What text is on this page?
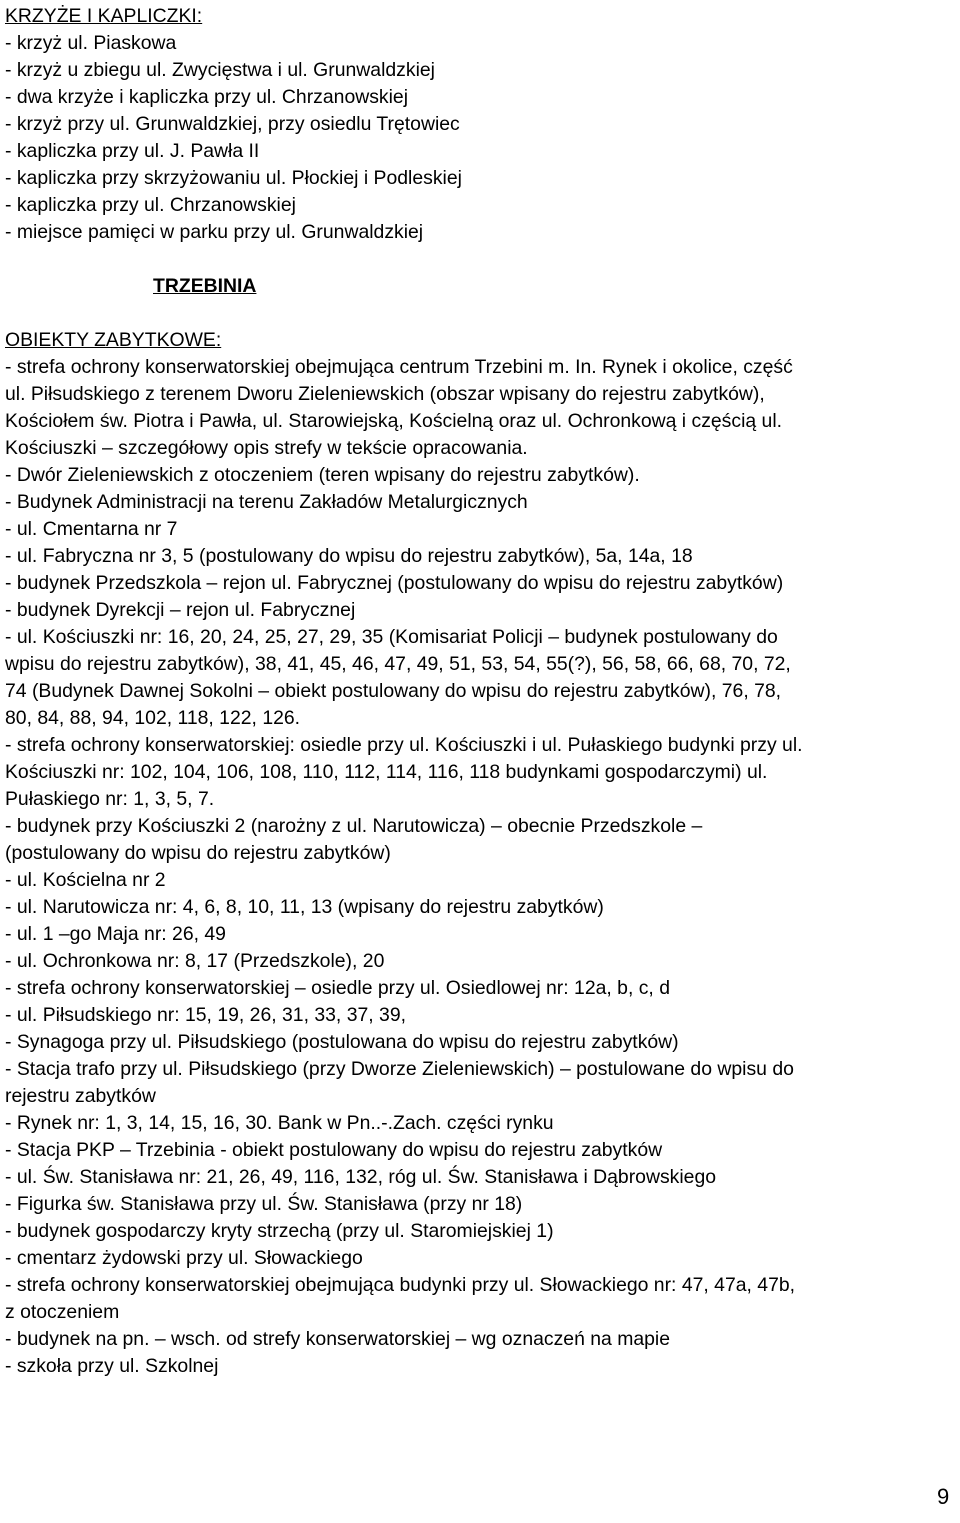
KRZYŻE I KAPLICZKI:
- krzyż ul. Piaskowa
- krzyż u zbiegu ul. Zwycięstwa i ul. Grunwaldzkiej
- dwa krzyże i kapliczka przy ul. Chrzanowskiej
- krzyż przy ul. Grunwaldzkiej, przy osiedlu Trętowiec
- kapliczka przy ul. J. Pawła II
- kapliczka przy skrzyżowaniu ul. Płockiej i Podleskiej
- kapliczka przy ul. Chrzanowskiej
- miejsce pamięci w parku przy ul. Grunwaldzkiej
TRZEBINIA
OBIEKTY ZABYTKOWE:
- strefa ochrony konserwatorskiej obejmująca centrum Trzebini m. In. Rynek i okolice, część
ul. Piłsudskiego z terenem Dworu Zieleniewskich (obszar wpisany do rejestru zabytków),
Kościołem św. Piotra i Pawła, ul. Starowiejską, Kościelną oraz ul. Ochronkową i częścią ul.
Kościuszki – szczegółowy opis strefy w tekście opracowania.
- Dwór Zieleniewskich z otoczeniem (teren wpisany do rejestru zabytków).
- Budynek Administracji na terenu Zakładów Metalurgicznych
- ul. Cmentarna nr 7
- ul. Fabryczna nr 3, 5 (postulowany do wpisu do rejestru zabytków), 5a, 14a, 18
- budynek Przedszkola – rejon ul. Fabrycznej (postulowany do wpisu do rejestru zabytków)
- budynek Dyrekcji – rejon ul. Fabrycznej
- ul. Kościuszki nr: 16, 20, 24, 25, 27, 29, 35 (Komisariat Policji – budynek postulowany do
wpisu do rejestru zabytków), 38, 41, 45, 46, 47, 49, 51, 53, 54, 55(?), 56, 58, 66, 68, 70, 72,
74 (Budynek Dawnej Sokolni – obiekt postulowany do wpisu do rejestru zabytków), 76, 78,
80, 84, 88, 94, 102, 118, 122, 126.
- strefa ochrony konserwatorskiej: osiedle przy ul. Kościuszki i ul. Pułaskiego budynki przy ul.
Kościuszki nr: 102, 104, 106, 108, 110, 112, 114, 116, 118 budynkami gospodarczymi) ul.
Pułaskiego nr: 1, 3, 5, 7.
- budynek przy Kościuszki 2 (narożny z ul. Narutowicza) – obecnie Przedszkole –
(postulowany do wpisu do rejestru zabytków)
- ul. Kościelna nr 2
- ul. Narutowicza nr: 4, 6, 8, 10, 11, 13 (wpisany do rejestru zabytków)
- ul. 1 –go Maja nr: 26, 49
- ul. Ochronkowa nr: 8, 17 (Przedszkole), 20
- strefa ochrony konserwatorskiej – osiedle przy ul. Osiedlowej nr: 12a, b, c, d
- ul. Piłsudskiego nr: 15, 19, 26, 31, 33, 37, 39,
- Synagoga przy ul. Piłsudskiego (postulowana do wpisu do rejestru zabytków)
- Stacja trafo przy ul. Piłsudskiego (przy Dworze Zieleniewskich) – postulowane do wpisu do
rejestru zabytków
- Rynek nr: 1, 3, 14, 15, 16, 30. Bank w Pn..-.Zach. części rynku
- Stacja PKP – Trzebinia - obiekt postulowany do wpisu do rejestru zabytków
- ul. Św. Stanisława nr: 21, 26, 49, 116, 132, róg ul. Św. Stanisława i Dąbrowskiego
- Figurka św. Stanisława przy ul. Św. Stanisława (przy nr 18)
- budynek gospodarczy kryty strzechą (przy ul. Staromiejskiej 1)
- cmentarz żydowski przy ul. Słowackiego
- strefa ochrony konserwatorskiej obejmująca budynki przy ul. Słowackiego nr: 47, 47a, 47b,
z otoczeniem
- budynek na pn. – wsch. od strefy konserwatorskiej – wg oznaczeń na mapie
- szkoła przy ul. Szkolnej
9
